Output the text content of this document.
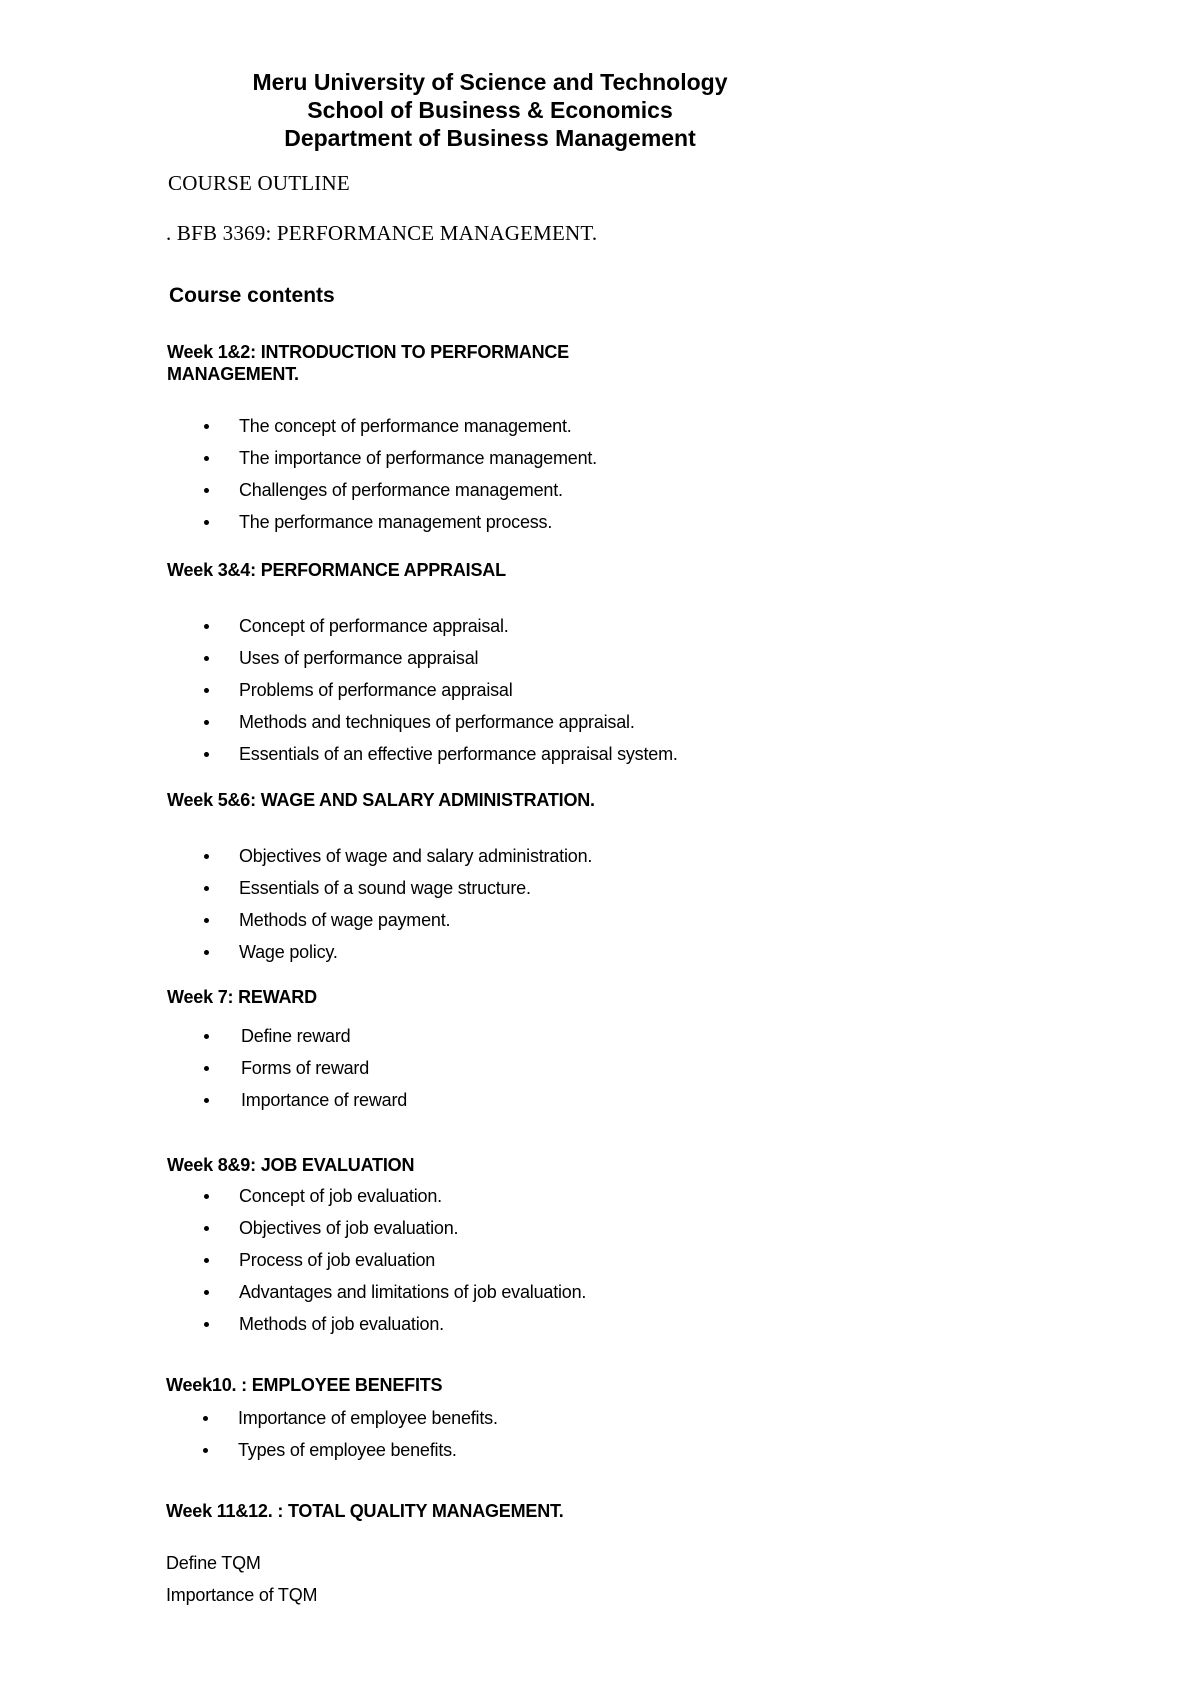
Meru University of Science and Technology
School of Business & Economics
Department of Business Management
COURSE OUTLINE
. BFB 3369: PERFORMANCE MANAGEMENT.
Course contents
Week 1&2: INTRODUCTION TO PERFORMANCE MANAGEMENT.
The concept of performance management.
The importance of performance management.
Challenges of performance management.
The performance management process.
Week 3&4: PERFORMANCE APPRAISAL
Concept of performance appraisal.
Uses of performance appraisal
Problems of performance appraisal
Methods and techniques of performance appraisal.
Essentials of an effective performance appraisal system.
Week 5&6: WAGE AND SALARY ADMINISTRATION.
Objectives of wage and salary administration.
Essentials of a sound wage structure.
Methods of wage payment.
Wage policy.
Week 7: REWARD
Define reward
Forms of reward
Importance of reward
Week 8&9: JOB EVALUATION
Concept of job evaluation.
Objectives of job evaluation.
Process of job evaluation
Advantages and limitations of job evaluation.
Methods of job evaluation.
Week10. : EMPLOYEE BENEFITS
Importance of employee benefits.
Types of employee benefits.
Week 11&12. : TOTAL QUALITY MANAGEMENT.
Define TQM
Importance of TQM
